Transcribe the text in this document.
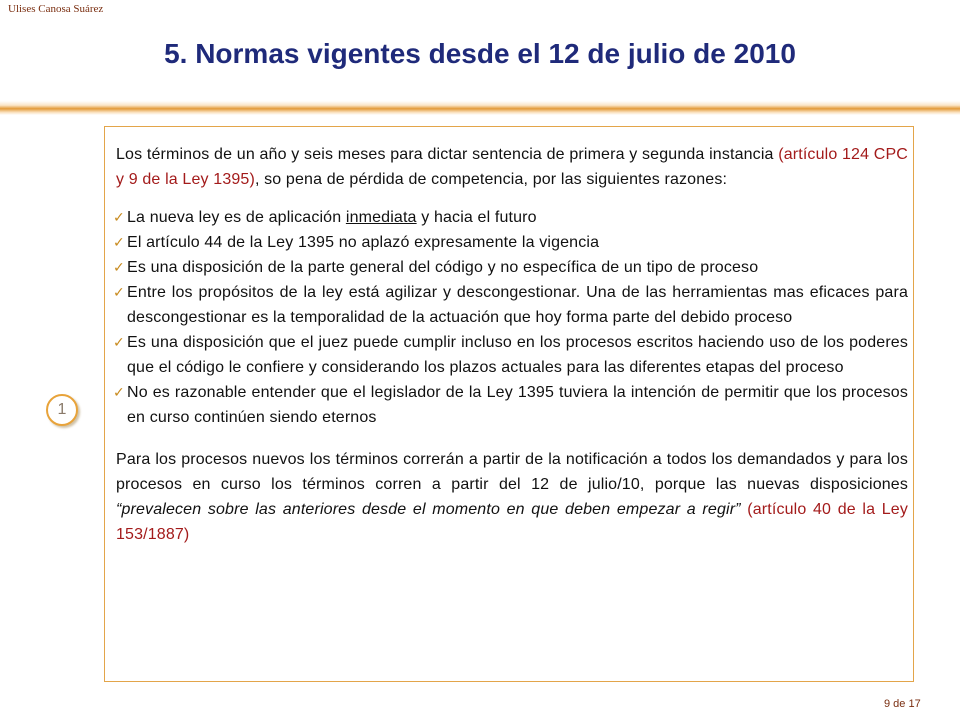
Ulises Canosa Suárez
5. Normas vigentes desde el 12 de julio de 2010
1

Los términos de un año y seis meses para dictar sentencia de primera y segunda instancia (artículo 124 CPC y 9 de la Ley 1395), so pena de pérdida de competencia, por las siguientes razones:

✓ La nueva ley es de aplicación inmediata y hacia el futuro
✓ El artículo 44 de la Ley 1395 no aplazó expresamente la vigencia
✓ Es una disposición de la parte general del código y no específica de un tipo de proceso
✓ Entre los propósitos de la ley está agilizar y descongestionar. Una de las herramientas mas eficaces para descongestionar es la temporalidad de la actuación que hoy forma parte del debido proceso
✓ Es una disposición que el juez puede cumplir incluso en los procesos escritos haciendo uso de los poderes que el código le confiere y considerando los plazos actuales para las diferentes etapas del proceso
✓ No es razonable entender que el legislador de la Ley 1395 tuviera la intención de permitir que los procesos en curso continúen siendo eternos

Para los procesos nuevos los términos correrán a partir de la notificación a todos los demandados y para los procesos en curso los términos corren a partir del 12 de julio/10, porque las nuevas disposiciones “prevalecen sobre las anteriores desde el momento en que deben empezar a regir” (artículo 40 de la Ley 153/1887)

9 de 17
